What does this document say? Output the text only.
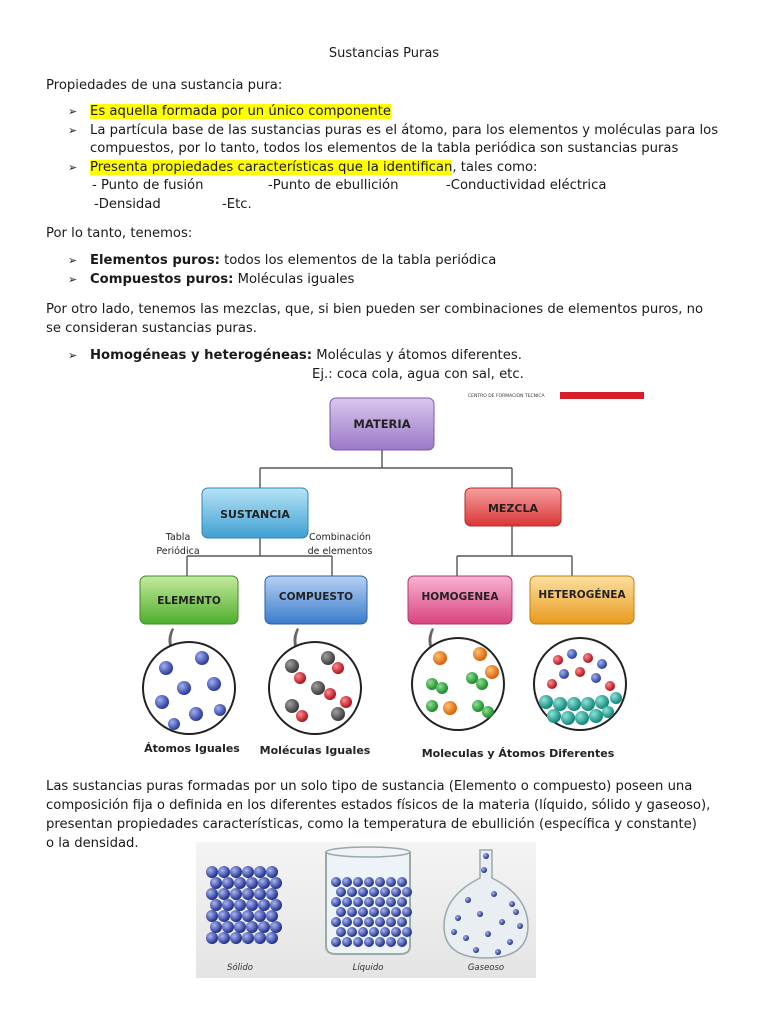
Sustancias Puras
Propiedades de una sustancia pura:
➢ Es aquella formada por un único componente
➢ La partícula base de las sustancias puras es el átomo, para los elementos y moléculas para los
compuestos, por lo tanto, todos los elementos de la tabla periódica son sustancias puras
➢ Presenta propiedades características que la identifican, tales como:
- Punto de fusión	-Punto de ebullición	-Conductividad eléctrica
-Densidad	-Etc.
Por lo tanto, tenemos:
➢ Elementos puros: todos los elementos de la tabla periódica
➢ Compuestos puros: Moléculas iguales
Por otro lado, tenemos las mezclas, que, si bien pueden ser combinaciones de elementos puros, no
se consideran sustancias puras.
➢ Homogéneas y heterogéneas: Moléculas y átomos diferentes.
Ej.: coca cola, agua con sal, etc.
CENTRO DE FORMACION TECNICA
MATERIA
SUSTANCIA	MEZCLA
Tabla
Periódica
Combinación
de elementos
ELEMENTO	COMPUESTO	HOMOGENEA	HETEROGÉNEA
Átomos Iguales Moléculas Iguales	Moleculas y Átomos Diferentes
Las sustancias puras formadas por un solo tipo de sustancia (Elemento o compuesto) poseen una
composición fija o definida en los diferentes estados físicos de la materia (líquido, sólido y gaseoso),
presentan propiedades características, como la temperatura de ebullición (específica y constante)
o la densidad.
Sólido	Líquido	Gaseoso
